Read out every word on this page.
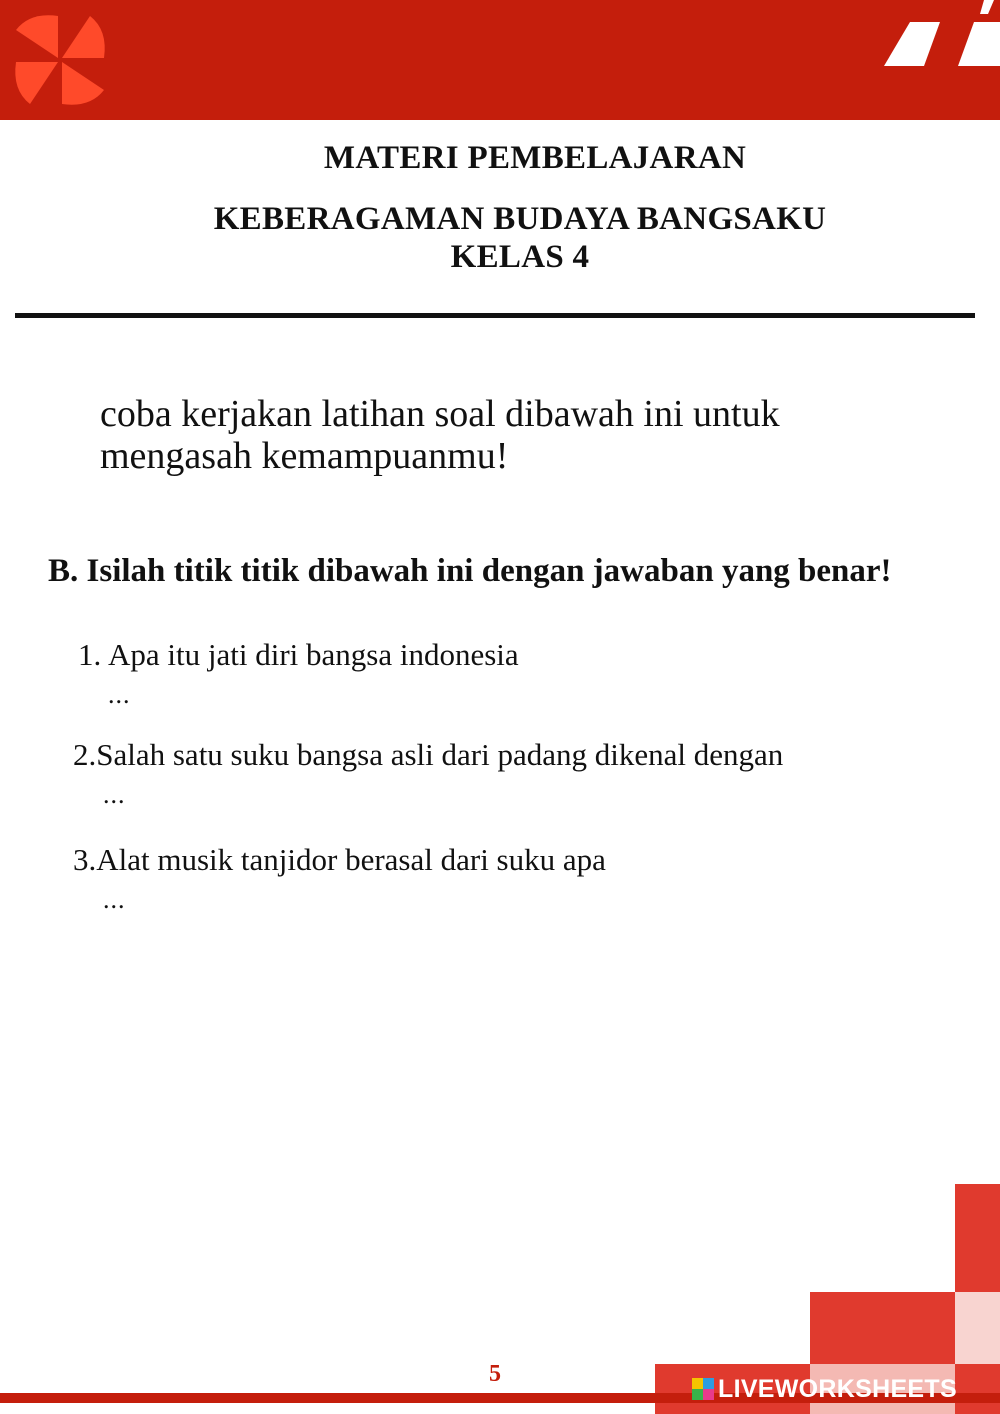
MATERI PEMBELAJARAN
KEBERAGAMAN BUDAYA BANGSAKU
KELAS 4
coba kerjakan latihan soal dibawah ini untuk
mengasah kemampuanmu!
B. Isilah titik titik dibawah ini dengan jawaban yang benar!
1. Apa itu jati diri bangsa indonesia
...
2.Salah satu suku bangsa asli dari padang dikenal dengan
...
3.Alat musik tanjidor berasal dari suku apa
...
5
LIVEWORKSHEETS
